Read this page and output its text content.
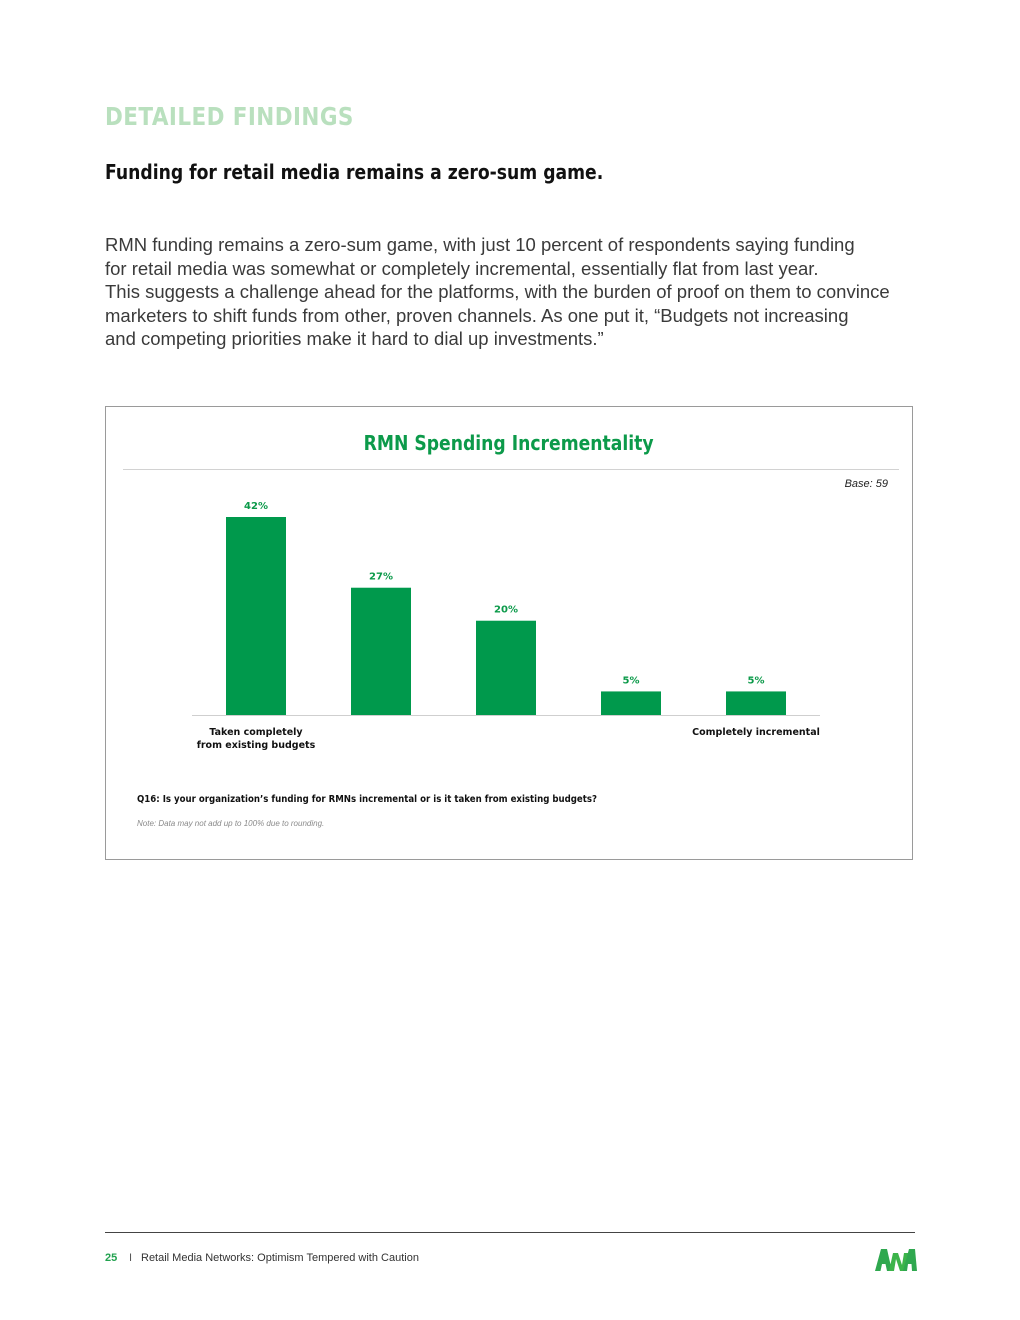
DETAILED FINDINGS
Funding for retail media remains a zero-sum game.
RMN funding remains a zero-sum game, with just 10 percent of respondents saying funding
for retail media was somewhat or completely incremental, essentially flat from last year.
This suggests a challenge ahead for the platforms, with the burden of proof on them to convince
marketers to shift funds from other, proven channels. As one put it, “Budgets not increasing
and competing priorities make it hard to dial up investments.”
RMN Spending Incrementality
Base: 59
42%
Taken completely
from existing budgets
27%
20%
5%	5%
Completely incremental
Q16: Is your organization’s funding for RMNs incremental or is it taken from existing budgets?
Note: Data may not add up to 100% due to rounding.
25 I Retail Media Networks: Optimism Tempered with Caution
ANA
